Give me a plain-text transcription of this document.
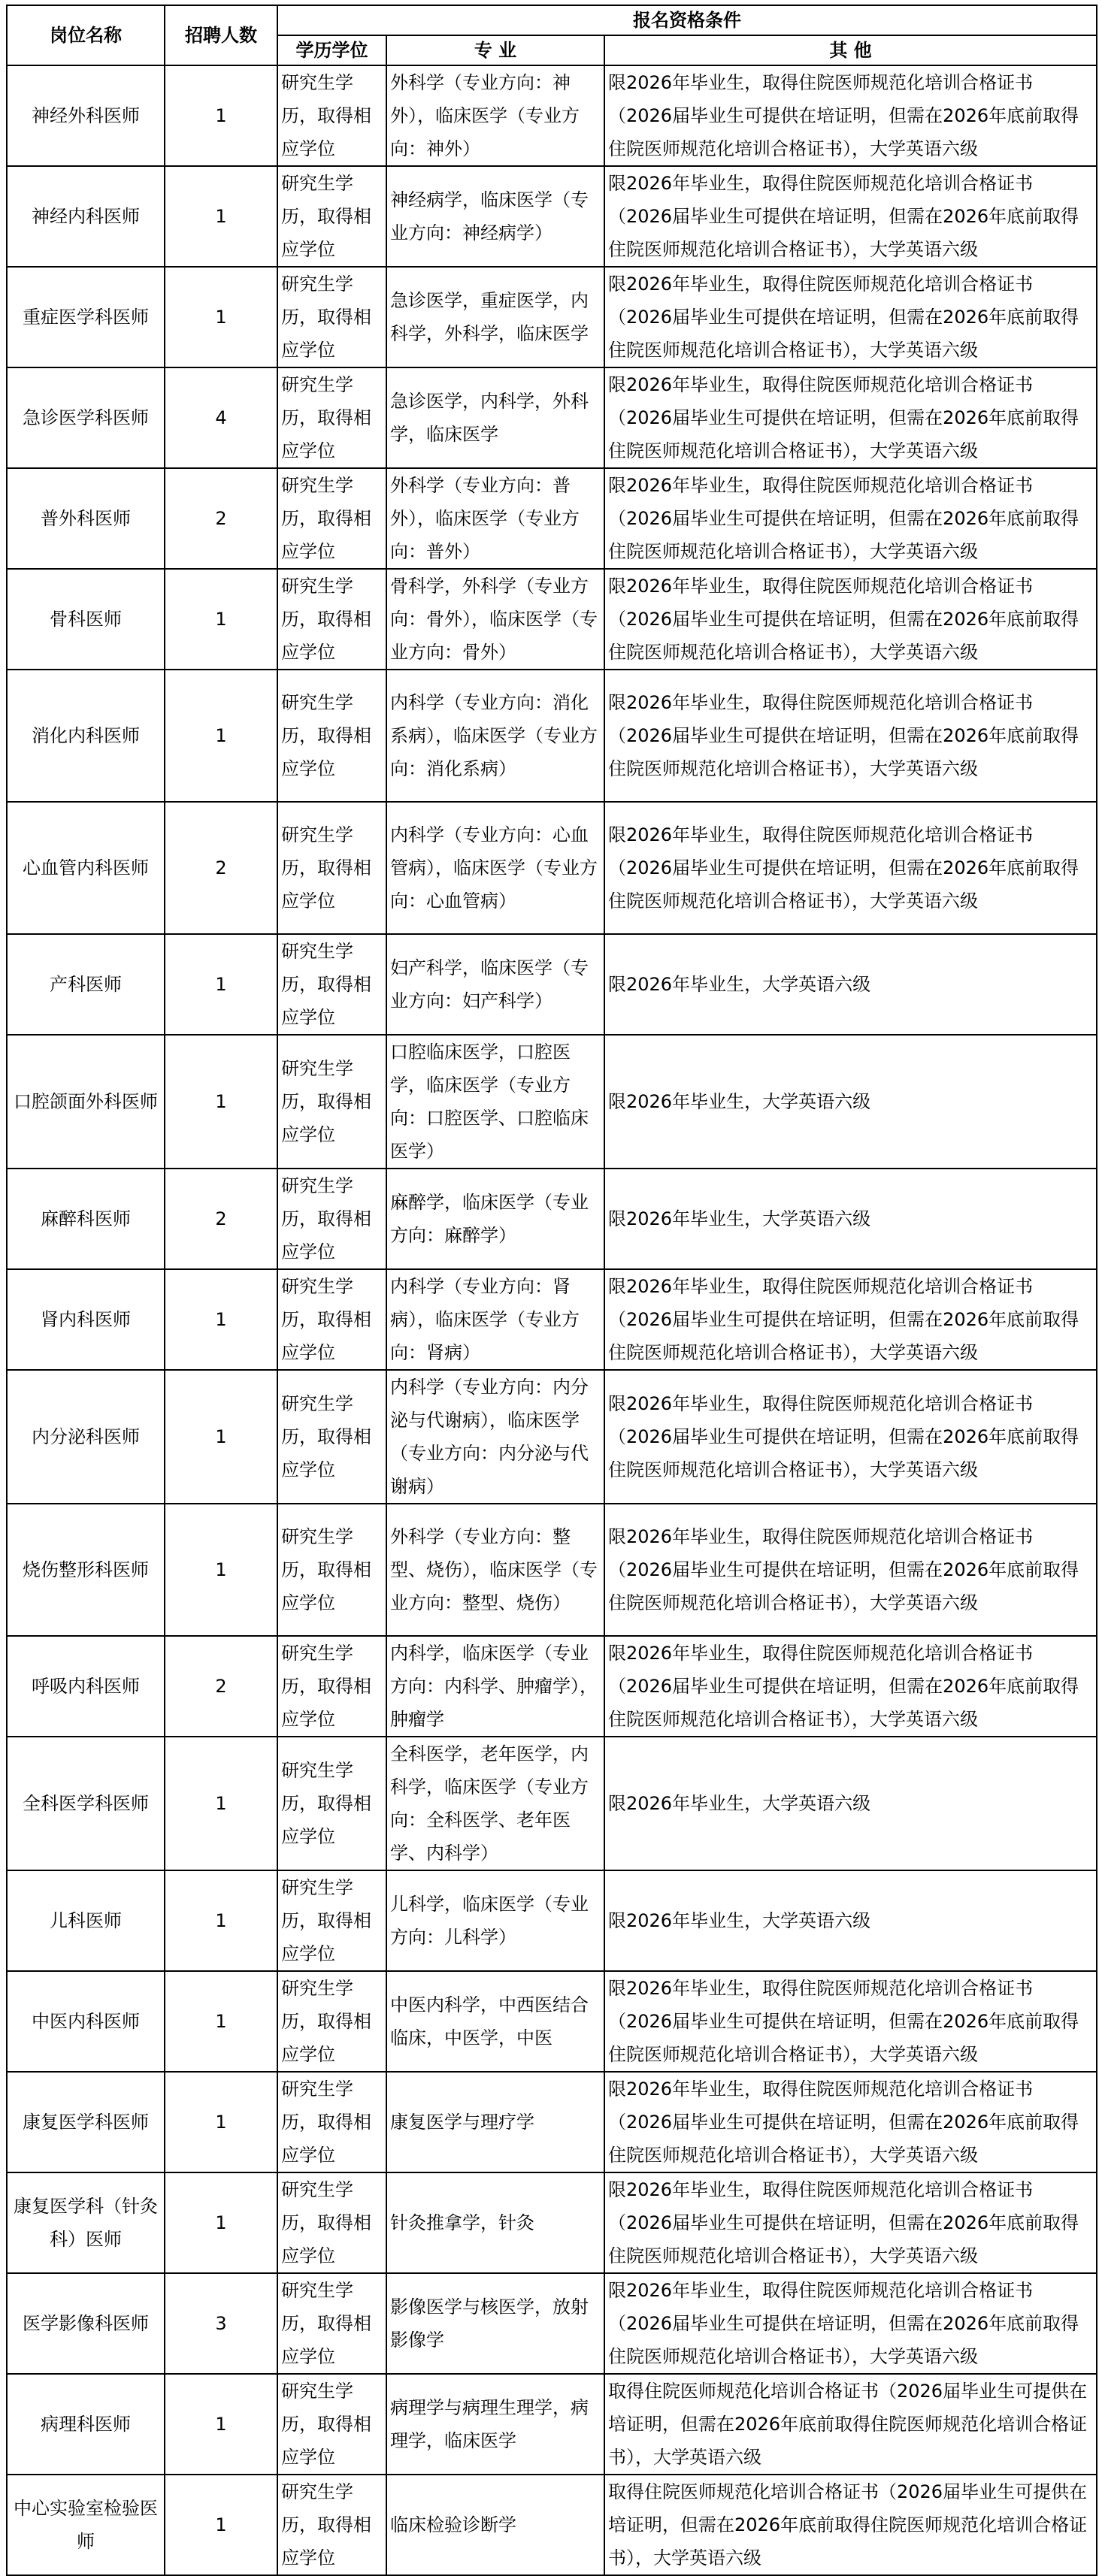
岗位名称	招聘人数	报名资格条件		
		学历学位	专 业	其 他
神经外科医师	1	研究生学历，取得相应学位	外科学（专业方向：神外），临床医学（专业方向：神外）	限2026年毕业生，取得住院医师规范化培训合格证书（2026届毕业生可提供在培证明，但需在2026年底前取得住院医师规范化培训合格证书），大学英语六级
神经内科医师	1	研究生学历，取得相应学位	神经病学，临床医学（专业方向：神经病学）	限2026年毕业生，取得住院医师规范化培训合格证书（2026届毕业生可提供在培证明，但需在2026年底前取得住院医师规范化培训合格证书），大学英语六级
重症医学科医师	1	研究生学历，取得相应学位	急诊医学，重症医学，内科学，外科学，临床医学	限2026年毕业生，取得住院医师规范化培训合格证书（2026届毕业生可提供在培证明，但需在2026年底前取得住院医师规范化培训合格证书），大学英语六级
急诊医学科医师	4	研究生学历，取得相应学位	急诊医学，内科学，外科学，临床医学	限2026年毕业生，取得住院医师规范化培训合格证书（2026届毕业生可提供在培证明，但需在2026年底前取得住院医师规范化培训合格证书），大学英语六级
普外科医师	2	研究生学历，取得相应学位	外科学（专业方向：普外），临床医学（专业方向：普外）	限2026年毕业生，取得住院医师规范化培训合格证书（2026届毕业生可提供在培证明，但需在2026年底前取得住院医师规范化培训合格证书），大学英语六级
骨科医师	1	研究生学历，取得相应学位	骨科学，外科学（专业方向：骨外），临床医学（专业方向：骨外）	限2026年毕业生，取得住院医师规范化培训合格证书（2026届毕业生可提供在培证明，但需在2026年底前取得住院医师规范化培训合格证书），大学英语六级
消化内科医师	1	研究生学历，取得相应学位	内科学（专业方向：消化系病），临床医学（专业方向：消化系病）	限2026年毕业生，取得住院医师规范化培训合格证书（2026届毕业生可提供在培证明，但需在2026年底前取得住院医师规范化培训合格证书），大学英语六级
心血管内科医师	2	研究生学历，取得相应学位	内科学（专业方向：心血管病），临床医学（专业方向：心血管病）	限2026年毕业生，取得住院医师规范化培训合格证书（2026届毕业生可提供在培证明，但需在2026年底前取得住院医师规范化培训合格证书），大学英语六级
产科医师	1	研究生学历，取得相应学位	妇产科学，临床医学（专业方向：妇产科学）	限2026年毕业生，大学英语六级
口腔颌面外科医师	1	研究生学历，取得相应学位	口腔临床医学，口腔医学，临床医学（专业方向：口腔医学、口腔临床医学）	限2026年毕业生，大学英语六级
麻醉科医师	2	研究生学历，取得相应学位	麻醉学，临床医学（专业方向：麻醉学）	限2026年毕业生，大学英语六级
肾内科医师	1	研究生学历，取得相应学位	内科学（专业方向：肾病），临床医学（专业方向：肾病）	限2026年毕业生，取得住院医师规范化培训合格证书（2026届毕业生可提供在培证明，但需在2026年底前取得住院医师规范化培训合格证书），大学英语六级
内分泌科医师	1	研究生学历，取得相应学位	内科学（专业方向：内分泌与代谢病），临床医学（专业方向：内分泌与代谢病）	限2026年毕业生，取得住院医师规范化培训合格证书（2026届毕业生可提供在培证明，但需在2026年底前取得住院医师规范化培训合格证书），大学英语六级
烧伤整形科医师	1	研究生学历，取得相应学位	外科学（专业方向：整型、烧伤），临床医学（专业方向：整型、烧伤）	限2026年毕业生，取得住院医师规范化培训合格证书（2026届毕业生可提供在培证明，但需在2026年底前取得住院医师规范化培训合格证书），大学英语六级
呼吸内科医师	2	研究生学历，取得相应学位	内科学，临床医学（专业方向：内科学、肿瘤学），肿瘤学	限2026年毕业生，取得住院医师规范化培训合格证书（2026届毕业生可提供在培证明，但需在2026年底前取得住院医师规范化培训合格证书），大学英语六级
全科医学科医师	1	研究生学历，取得相应学位	全科医学，老年医学，内科学，临床医学（专业方向：全科医学、老年医学、内科学）	限2026年毕业生，大学英语六级
儿科医师	1	研究生学历，取得相应学位	儿科学，临床医学（专业方向：儿科学）	限2026年毕业生，大学英语六级
中医内科医师	1	研究生学历，取得相应学位	中医内科学，中西医结合临床，中医学，中医	限2026年毕业生，取得住院医师规范化培训合格证书（2026届毕业生可提供在培证明，但需在2026年底前取得住院医师规范化培训合格证书），大学英语六级
康复医学科医师	1	研究生学历，取得相应学位	康复医学与理疗学	限2026年毕业生，取得住院医师规范化培训合格证书（2026届毕业生可提供在培证明，但需在2026年底前取得住院医师规范化培训合格证书），大学英语六级
康复医学科（针灸科）医师	1	研究生学历，取得相应学位	针灸推拿学，针灸	限2026年毕业生，取得住院医师规范化培训合格证书（2026届毕业生可提供在培证明，但需在2026年底前取得住院医师规范化培训合格证书），大学英语六级
医学影像科医师	3	研究生学历，取得相应学位	影像医学与核医学，放射影像学	限2026年毕业生，取得住院医师规范化培训合格证书（2026届毕业生可提供在培证明，但需在2026年底前取得住院医师规范化培训合格证书），大学英语六级
病理科医师	1	研究生学历，取得相应学位	病理学与病理生理学，病理学，临床医学	取得住院医师规范化培训合格证书（2026届毕业生可提供在培证明，但需在2026年底前取得住院医师规范化培训合格证书），大学英语六级
中心实验室检验医师	1	研究生学历，取得相应学位	临床检验诊断学	取得住院医师规范化培训合格证书（2026届毕业生可提供在培证明，但需在2026年底前取得住院医师规范化培训合格证书），大学英语六级
